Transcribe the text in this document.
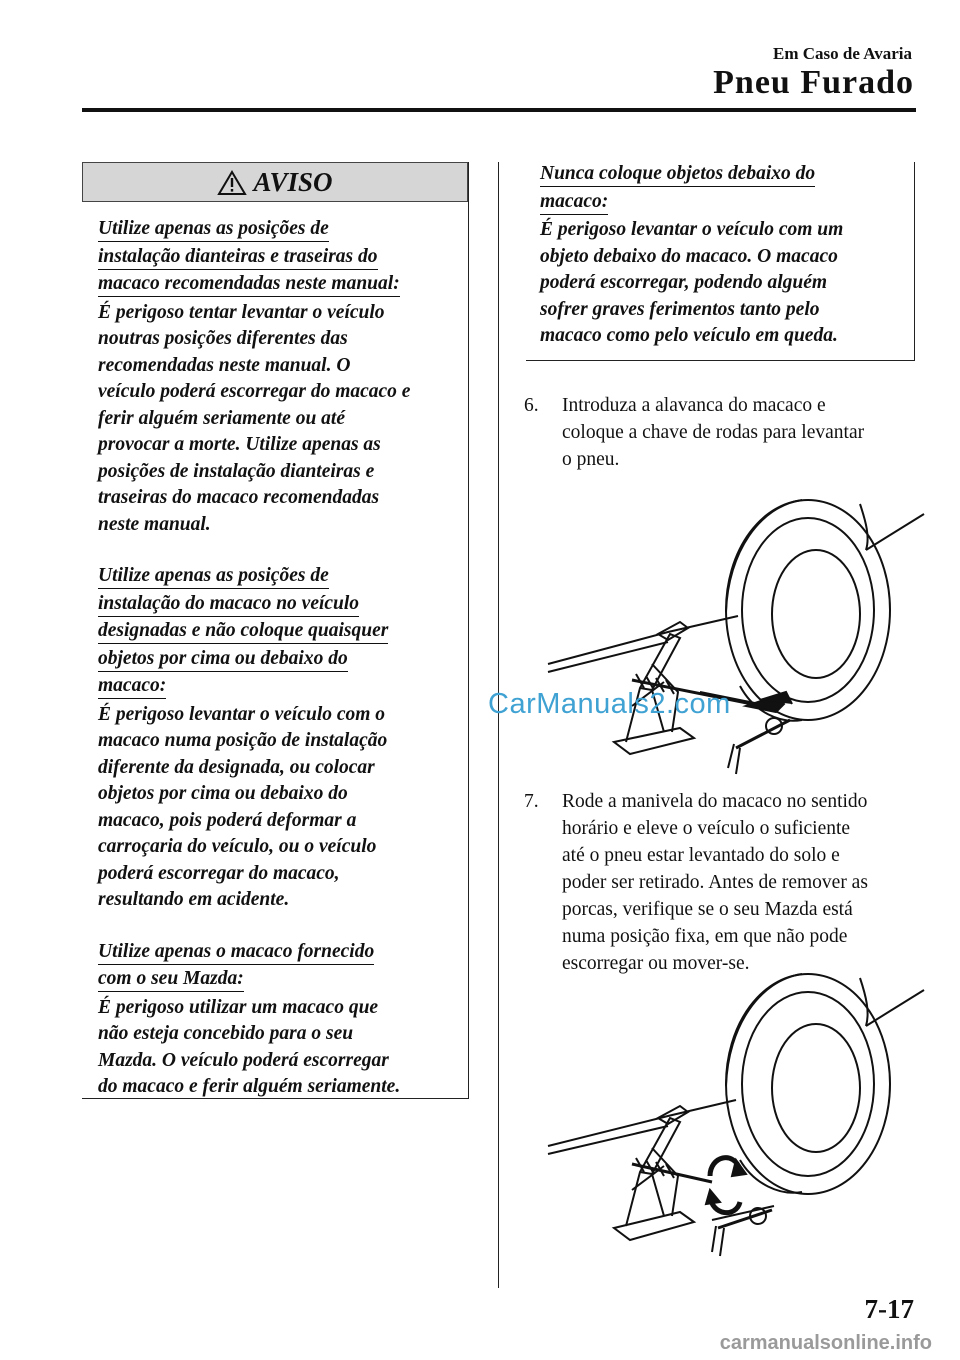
Em Caso de Avaria
Pneu Furado
AVISO
Utilize apenas as posições de
instalação dianteiras e traseiras do
macaco recomendadas neste manual:
É perigoso tentar levantar o veículo
noutras posições diferentes das
recomendadas neste manual. O
veículo poderá escorregar do macaco e
ferir alguém seriamente ou até
provocar a morte. Utilize apenas as
posições de instalação dianteiras e
traseiras do macaco recomendadas
neste manual.
Utilize apenas as posições de
instalação do macaco no veículo
designadas e não coloque quaisquer
objetos por cima ou debaixo do
macaco:
É perigoso levantar o veículo com o
macaco numa posição de instalação
diferente da designada, ou colocar
objetos por cima ou debaixo do
macaco, pois poderá deformar a
carroçaria do veículo, ou o veículo
poderá escorregar do macaco,
resultando em acidente.
Utilize apenas o macaco fornecido
com o seu Mazda:
É perigoso utilizar um macaco que
não esteja concebido para o seu
Mazda. O veículo poderá escorregar
do macaco e ferir alguém seriamente.
Nunca coloque objetos debaixo do
macaco:
É perigoso levantar o veículo com um
objeto debaixo do macaco. O macaco
poderá escorregar, podendo alguém
sofrer graves ferimentos tanto pelo
macaco como pelo veículo em queda.
6.	Introduza a alavanca do macaco e
coloque a chave de rodas para levantar
o pneu.
CarManuals2.com
7.	Rode a manivela do macaco no sentido
horário e eleve o veículo o suficiente
até o pneu estar levantado do solo e
poder ser retirado. Antes de remover as
porcas, verifique se o seu Mazda está
numa posição fixa, em que não pode
escorregar ou mover-se.
7-17
carmanualsonline.info
